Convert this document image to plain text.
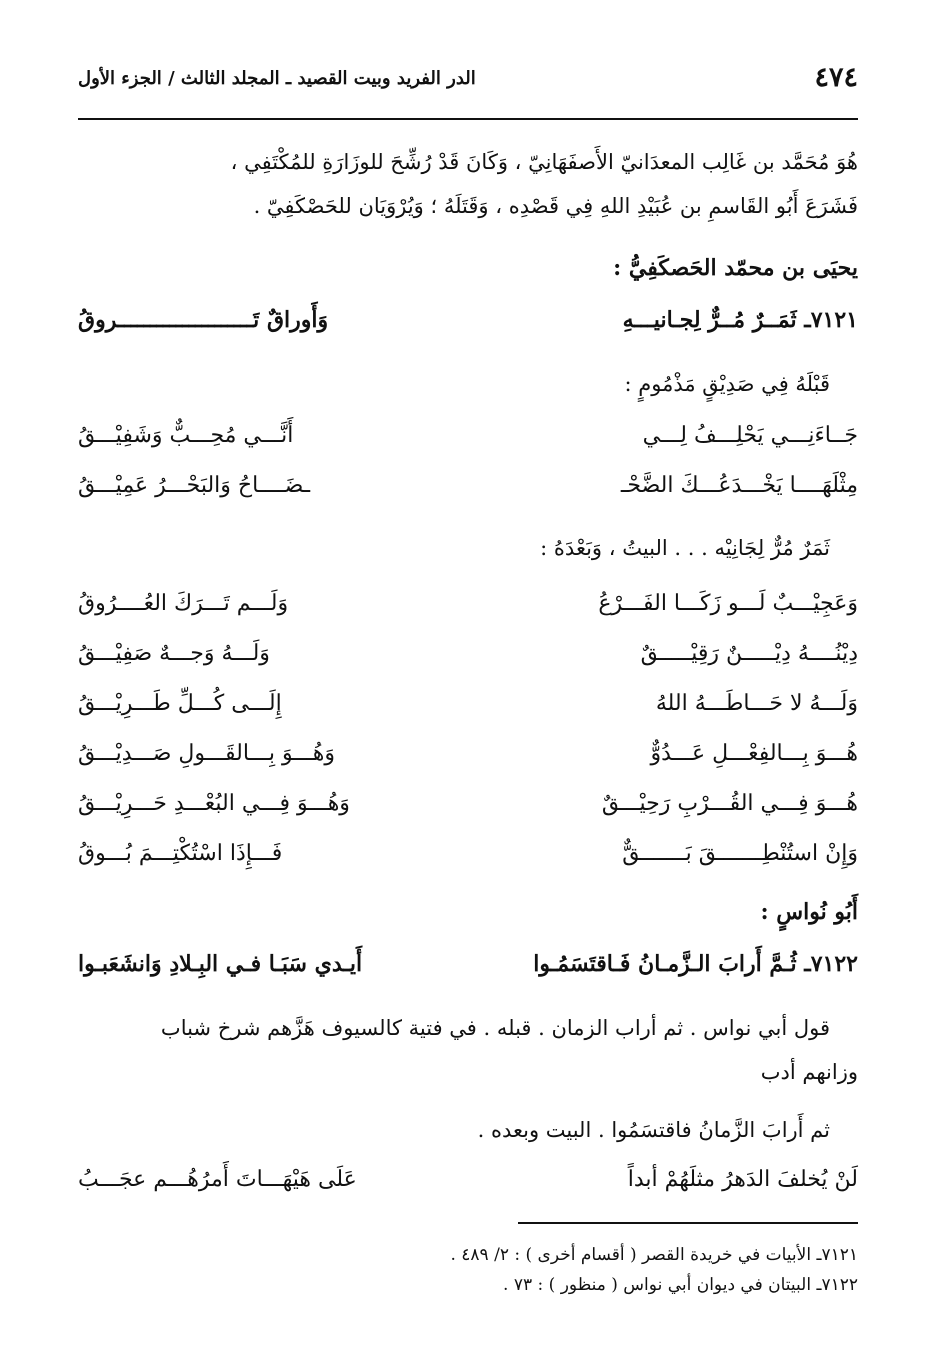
٤٧٤
الدر الفريد وبيت القصيد ـ المجلد الثالث / الجزء الأول
هُوَ مُحَمَّد بن غَالِب المعدَانيّ الأَصفَهَانِيّ ، وَكَانَ قَدْ رُشِّحَ للوزَارَةِ للمُكْتَفِي ،
فَشَرَعَ أَبُو القَاسمِ بن عُبَيْدِ اللهِ فِي قَصْدِه ، وَقَتَلَهُ ؛ وَيُرْوَيَان للحَصْكَفِيّ .
يحيَى بن محمّد الحَصكَفِيُّ :
٧١٢١ـ ثَمَــرٌ مُــرٌّ لِجـانيـــهِ
وَأَوراقٌ تَـــــــــــــــــــــروقُ
قَبْلَهُ فِي صَدِيْقٍ مَذْمُومٍ :
جَــاءَنِـــي يَحْلِـــفُ لِـــي
أَنَّـــي مُحِـــبٌّ وَشَفِيْـــقُ
مِثْلَهَــــا يَخْـــدَعُـــكَ الضَّحْـ
ـضَــــاحُ وَالبَحْـــرُ عَمِيْـــقُ
ثَمَرٌ مُرٌّ لِجَانِيْه . . . البيتُ ، وَبَعْدَهُ :
وَعَجِيْـــبٌ لَـــو زَكَـــا الفَـــرْعُ
وَلَـــم تَـــرَكَ العُــــرُوقُ
دِيْنُــــهُ دِيْـــــنٌ رَقِيْـــــقٌ
وَلَـــهُ وَجـــهٌ صَفِيْـــقُ
وَلَـــهُ لا حَـــاطَـــهُ اللهُ
إِلَـــى كُـــلِّ طَـــرِيْـــقُ
هُـــوَ بِـــالفِعْـــلِ عَـــدُوٌّ
وَهُـــوَ بِـــالقَـــولِ صَـــدِيْـــقُ
هُـــوَ فِـــي القُـــرْبِ رَحِيْـــقٌ
وَهُـــوَ فِـــي البُعْـــدِ حَـــرِيْـــقُ
وَإِنْ استُنْطِـــــــقَ بَـــــــقٌّ
فَـــإِذَا اسْتُكْتِـــمَ بُـــوقُ
أَبُو نُواسٍ :
٧١٢٢ـ ثُـمَّ أَرابَ الـزَّمـانُ فَـاقتَسَمُـوا
أَيـدي سَبَـا فـي البِـلادِ وَانشَعَبـوا
قول أبي نواس . ثم أراب الزمان . قبله . في فتية كالسيوف هَزَّهم شرخ شباب
وزانهم أدب
ثم أَرابَ الزَّمانُ فاقتسَمُوا . البيت وبعده .
لَنْ يُخلفَ الدَهرُ مثلَهُمْ أبداً
عَلَى هَيْهَـــاتَ أَمرُهُـــم عجَـــبُ
٧١٢١ـ الأبيات في خريدة القصر ( أقسام أخرى ) : ٢/ ٤٨٩ .
٧١٢٢ـ البيتان في ديوان أبي نواس ( منظور ) : ٧٣ .
